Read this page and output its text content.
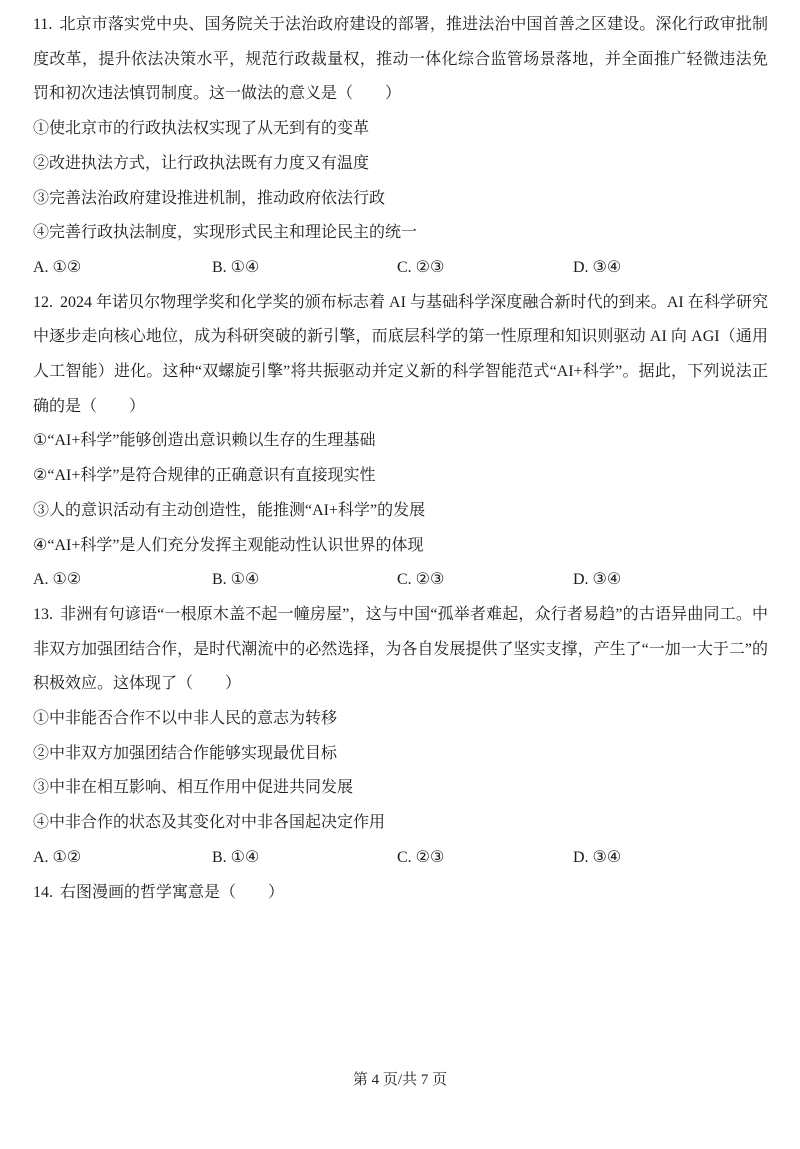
11. 北京市落实党中央、国务院关于法治政府建设的部署，推进法治中国首善之区建设。深化行政审批制度改革，提升依法决策水平，规范行政裁量权，推动一体化综合监管场景落地，并全面推广轻微违法免罚和初次违法慎罚制度。这一做法的意义是（　　）

①使北京市的行政执法权实现了从无到有的变革

②改进执法方式，让行政执法既有力度又有温度

③完善法治政府建设推进机制，推动政府依法行政

④完善行政执法制度，实现形式民主和理论民主的统一

A. ①②	B. ①④	C. ②③	D. ③④

12. 2024 年诺贝尔物理学奖和化学奖的颁布标志着 AI 与基础科学深度融合新时代的到来。AI 在科学研究中逐步走向核心地位，成为科研突破的新引擎，而底层科学的第一性原理和知识则驱动 AI 向 AGI（通用人工智能）进化。这种“双螺旋引擎”将共振驱动并定义新的科学智能范式“AI+科学”。据此，下列说法正确的是（　　）

①“AI+科学”能够创造出意识赖以生存的生理基础

②“AI+科学”是符合规律的正确意识有直接现实性

③人的意识活动有主动创造性，能推测“AI+科学”的发展

④“AI+科学”是人们充分发挥主观能动性认识世界的体现

A. ①②	B. ①④	C. ②③	D. ③④

13. 非洲有句谚语“一根原木盖不起一幢房屋”，这与中国“孤举者难起，众行者易趋”的古语异曲同工。中非双方加强团结合作，是时代潮流中的必然选择，为各自发展提供了坚实支撑，产生了“一加一大于二”的积极效应。这体现了（　　）

①中非能否合作不以中非人民的意志为转移

②中非双方加强团结合作能够实现最优目标

③中非在相互影响、相互作用中促进共同发展

④中非合作的状态及其变化对中非各国起决定作用

A. ①②	B. ①④	C. ②③	D. ③④

14. 右图漫画的哲学寓意是（　　）

第 4 页/共 7 页
